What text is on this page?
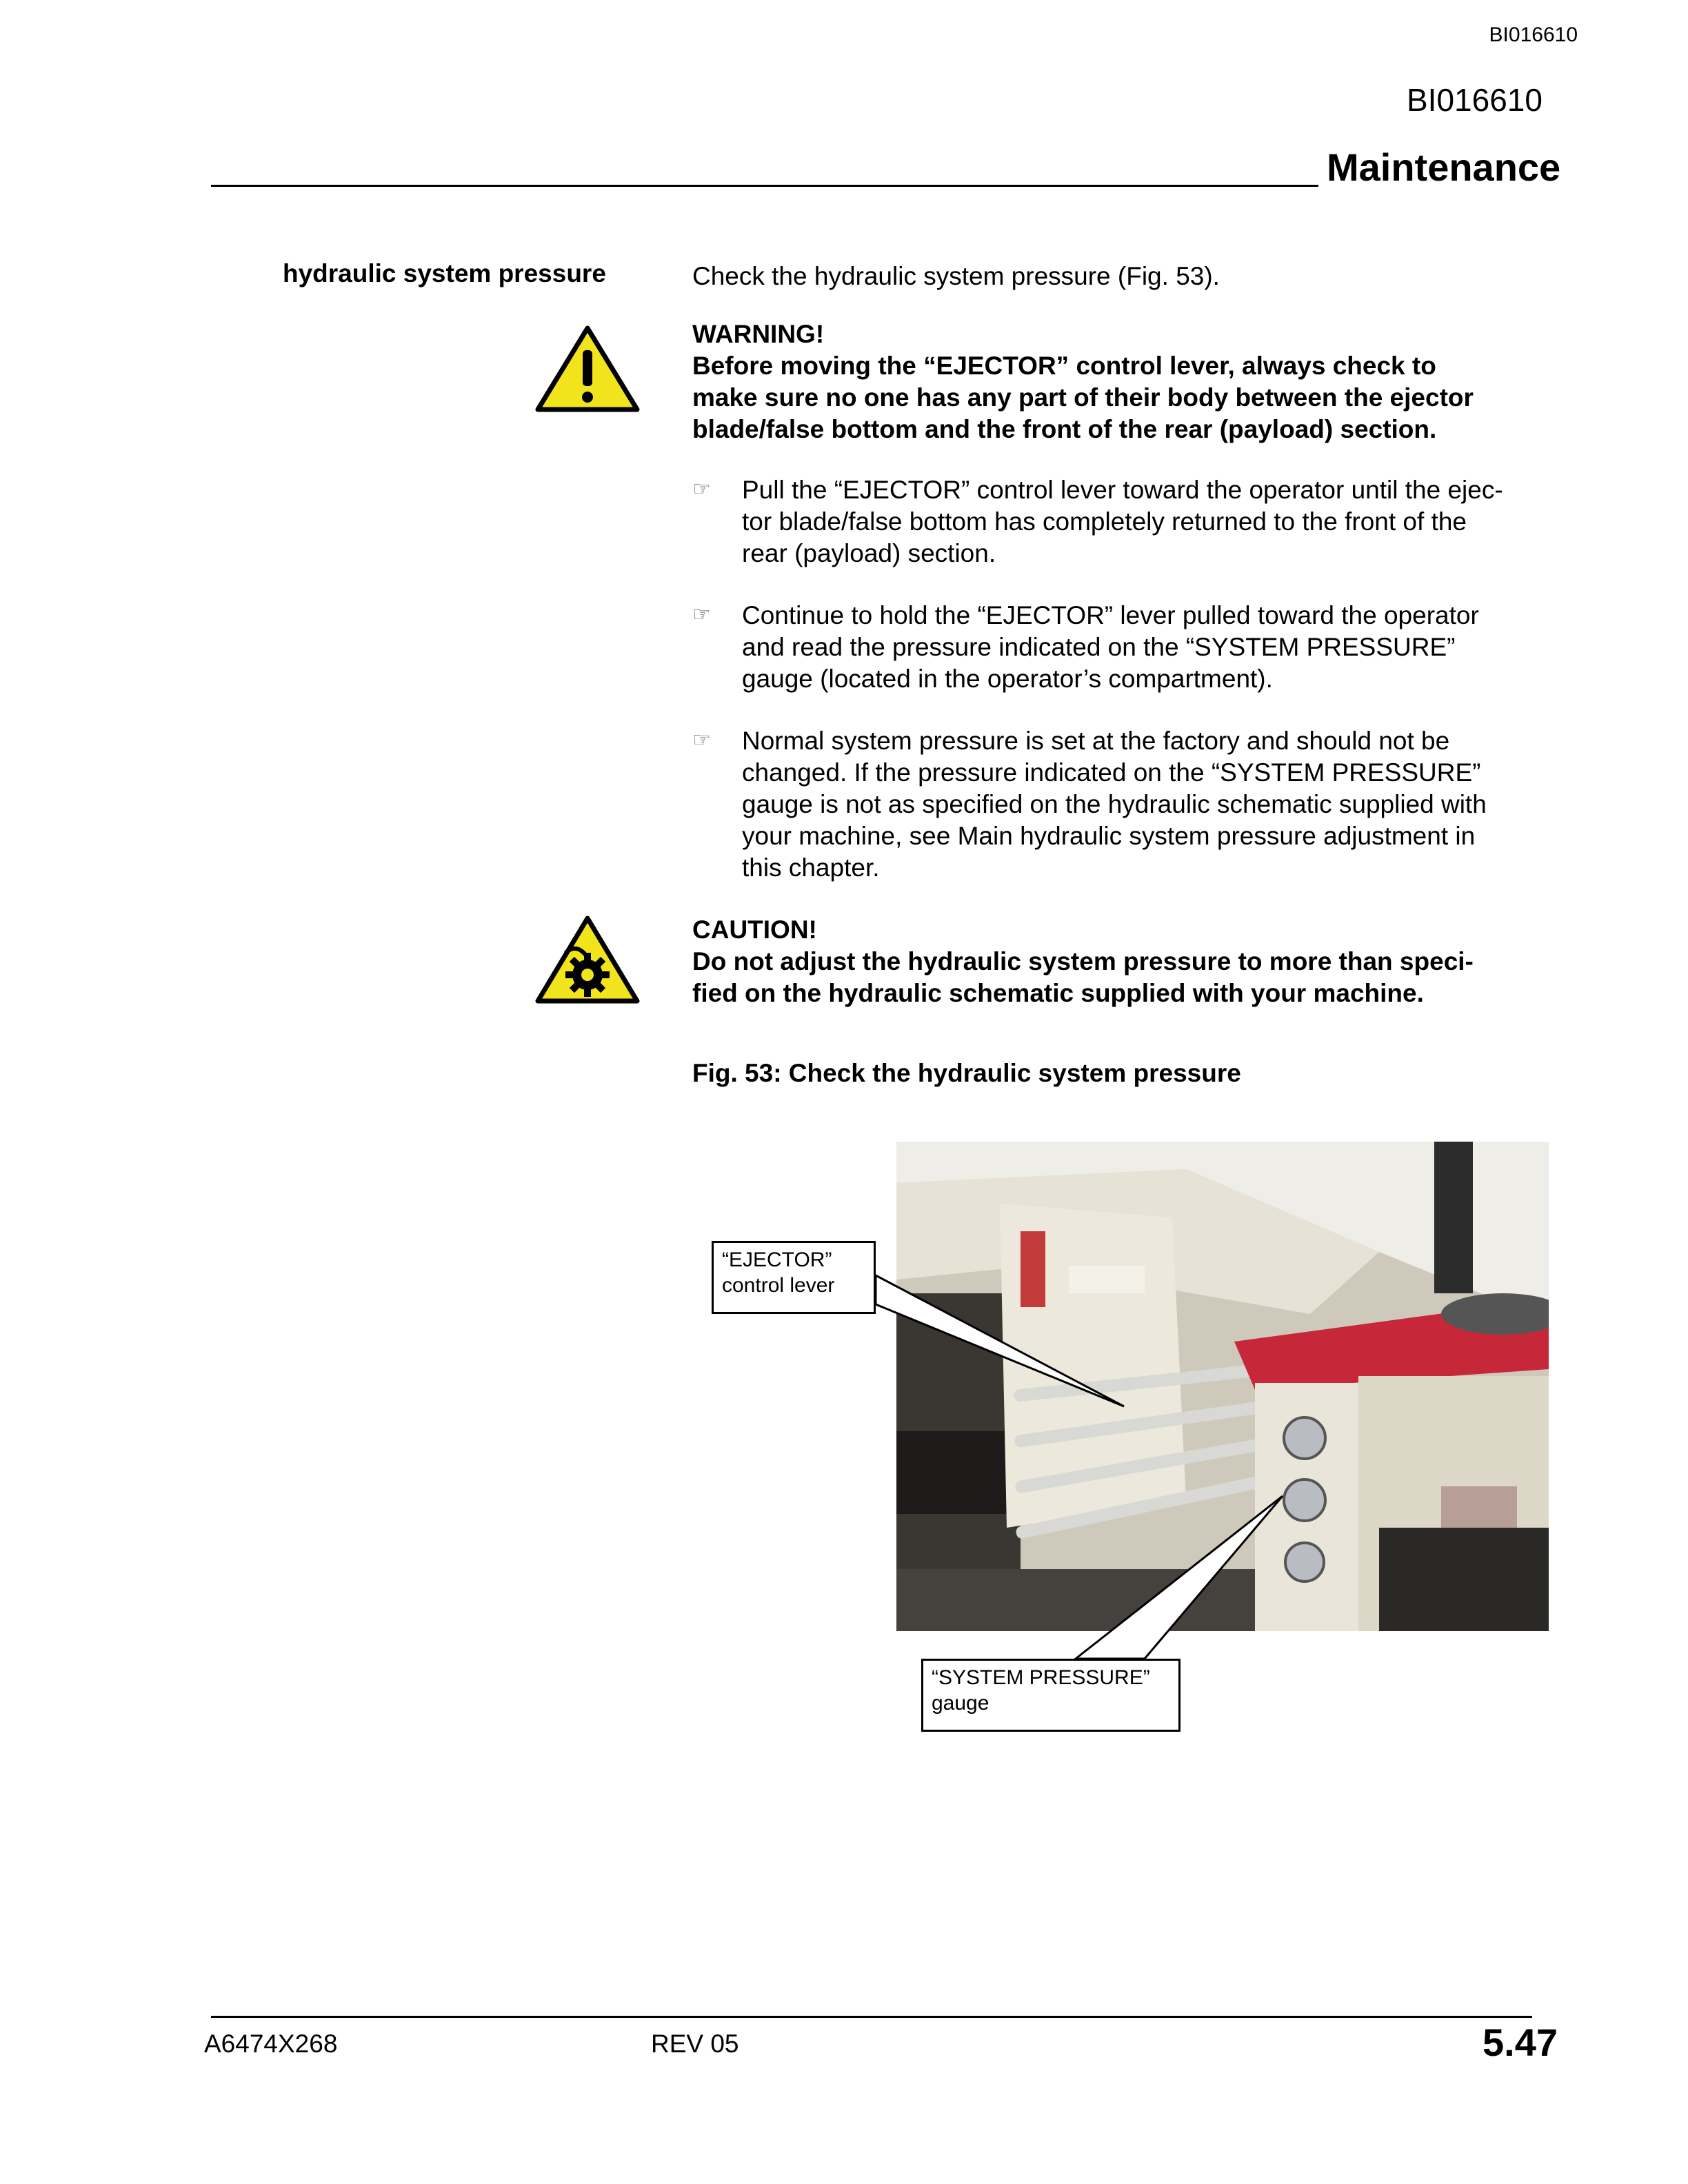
BI016610
BI016610
Maintenance
hydraulic system pressure	Check the hydraulic system pressure (Fig. 53).
WARNING!
Before moving the “EJECTOR” control lever, always check to
make sure no one has any part of their body between the ejector
blade/false bottom and the front of the rear (payload) section.
☞ Pull the “EJECTOR” control lever toward the operator until the ejec-
tor blade/false bottom has completely returned to the front of the
rear (payload) section.
☞ Continue to hold the “EJECTOR” lever pulled toward the operator
and read the pressure indicated on the “SYSTEM PRESSURE”
gauge (located in the operator’s compartment).
☞ Normal system pressure is set at the factory and should not be
changed. If the pressure indicated on the “SYSTEM PRESSURE”
gauge is not as specified on the hydraulic schematic supplied with
your machine, see Main hydraulic system pressure adjustment in
this chapter.
CAUTION!
Do not adjust the hydraulic system pressure to more than speci-
fied on the hydraulic schematic supplied with your machine.
Fig. 53: Check the hydraulic system pressure
“EJECTOR”
control lever
“SYSTEM PRESSURE”
gauge
A6474X268	REV 05	5.47
